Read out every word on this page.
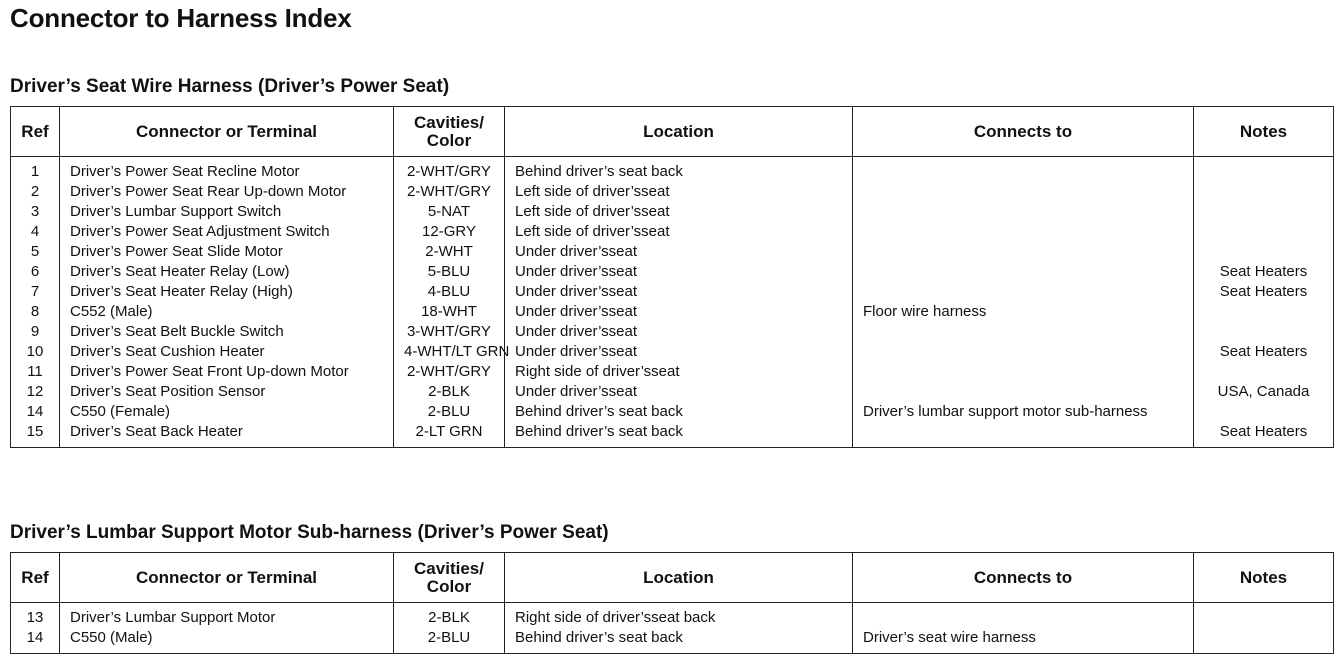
Connector to Harness Index
Driver’s Seat Wire Harness (Driver’s Power Seat)
Ref	Connector or Terminal	Cavities/
Color	Location	Connects to	Notes
1	Driver’s Power Seat Recline Motor	2-WHT/GRY	Behind driver’s seat back		
2	Driver’s Power Seat Rear Up-down Motor	2-WHT/GRY	Left side of driver’sseat		
3	Driver’s Lumbar Support Switch	5-NAT	Left side of driver’sseat		
4	Driver’s Power Seat Adjustment Switch	12-GRY	Left side of driver’sseat		
5	Driver’s Power Seat Slide Motor	2-WHT	Under driver’sseat		
6	Driver’s Seat Heater Relay (Low)	5-BLU	Under driver’sseat		Seat Heaters
7	Driver’s Seat Heater Relay (High)	4-BLU	Under driver’sseat		Seat Heaters
8	C552 (Male)	18-WHT	Under driver’sseat	Floor wire harness	
9	Driver’s Seat Belt Buckle Switch	3-WHT/GRY	Under driver’sseat		
10	Driver’s Seat Cushion Heater	4-WHT/LT GRN	Under driver’sseat		Seat Heaters
11	Driver’s Power Seat Front Up-down Motor	2-WHT/GRY	Right side of driver’sseat		
12	Driver’s Seat Position Sensor	2-BLK	Under driver’sseat		USA, Canada
14	C550 (Female)	2-BLU	Behind driver’s seat back	Driver’s lumbar support motor sub-harness	
15	Driver’s Seat Back Heater	2-LT GRN	Behind driver’s seat back		Seat Heaters
Driver’s Lumbar Support Motor Sub-harness (Driver’s Power Seat)
Ref	Connector or Terminal	Cavities/
Color	Location	Connects to	Notes
13	Driver’s Lumbar Support Motor	2-BLK	Right side of driver’sseat back		
14	C550 (Male)	2-BLU	Behind driver’s seat back	Driver’s seat wire harness	
